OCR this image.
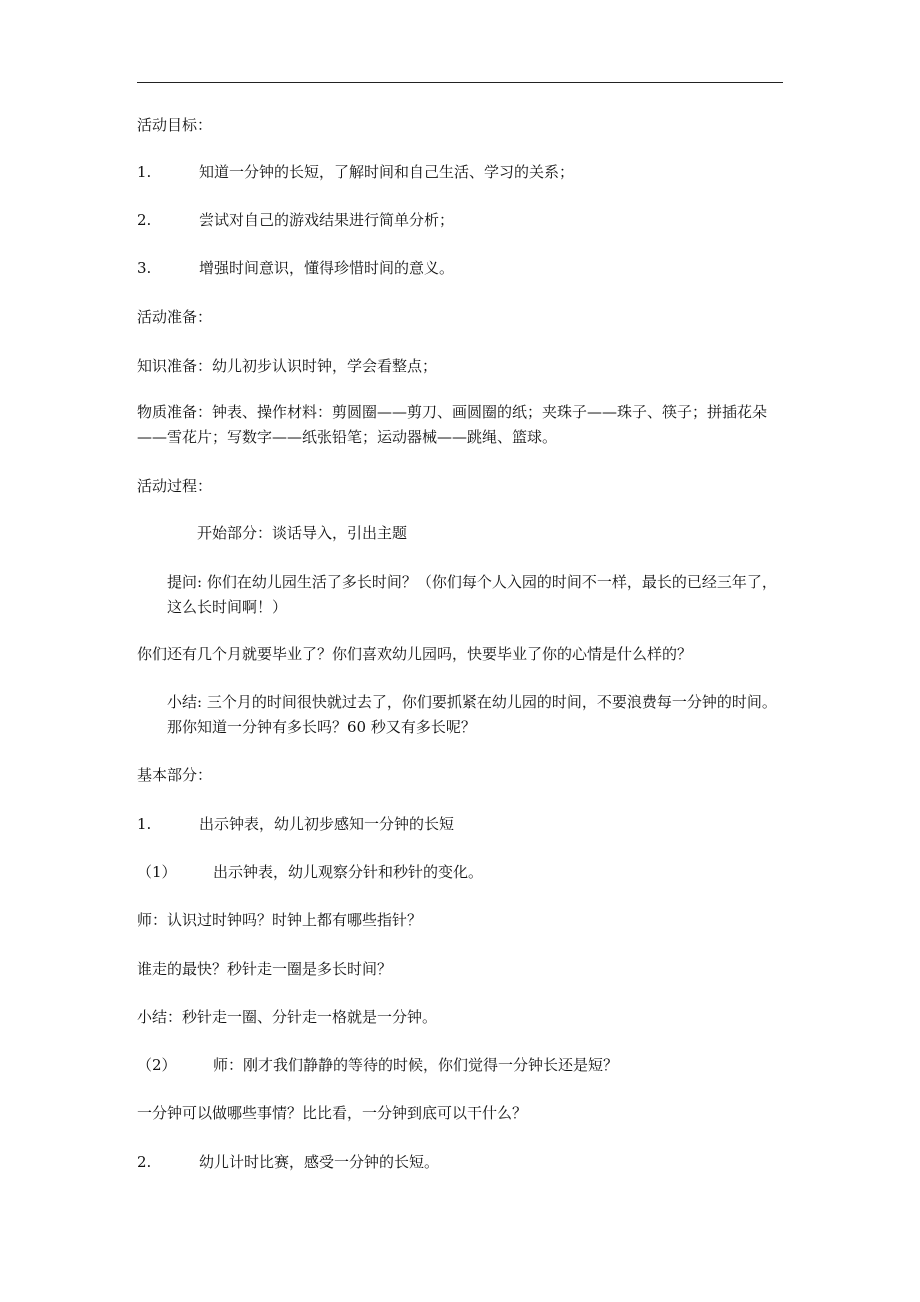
活动目标：
1.	知道一分钟的长短，了解时间和自己生活、学习的关系；
2.	尝试对自己的游戏结果进行简单分析；
3.	增强时间意识，懂得珍惜时间的意义。
活动准备：
知识准备：幼儿初步认识时钟，学会看整点；
物质准备：钟表、操作材料：剪圆圈——剪刀、画圆圈的纸；夹珠子——珠子、筷子；拼插花朵——雪花片；写数字——纸张铅笔；运动器械——跳绳、篮球。
活动过程：
开始部分：谈话导入，引出主题
提问: 你们在幼儿园生活了多长时间？（你们每个人入园的时间不一样，最长的已经三年了，这么长时间啊！）
你们还有几个月就要毕业了？你们喜欢幼儿园吗，快要毕业了你的心情是什么样的？
小结: 三个月的时间很快就过去了，你们要抓紧在幼儿园的时间，不要浪费每一分钟的时间。那你知道一分钟有多长吗？60 秒又有多长呢？
基本部分：
1.	出示钟表，幼儿初步感知一分钟的长短
（1） 出示钟表，幼儿观察分针和秒针的变化。
师：认识过时钟吗？时钟上都有哪些指针？
谁走的最快？秒针走一圈是多长时间？
小结：秒针走一圈、分针走一格就是一分钟。
（2） 师：刚才我们静静的等待的时候，你们觉得一分钟长还是短？
一分钟可以做哪些事情？比比看，一分钟到底可以干什么？
2.	幼儿计时比赛，感受一分钟的长短。
